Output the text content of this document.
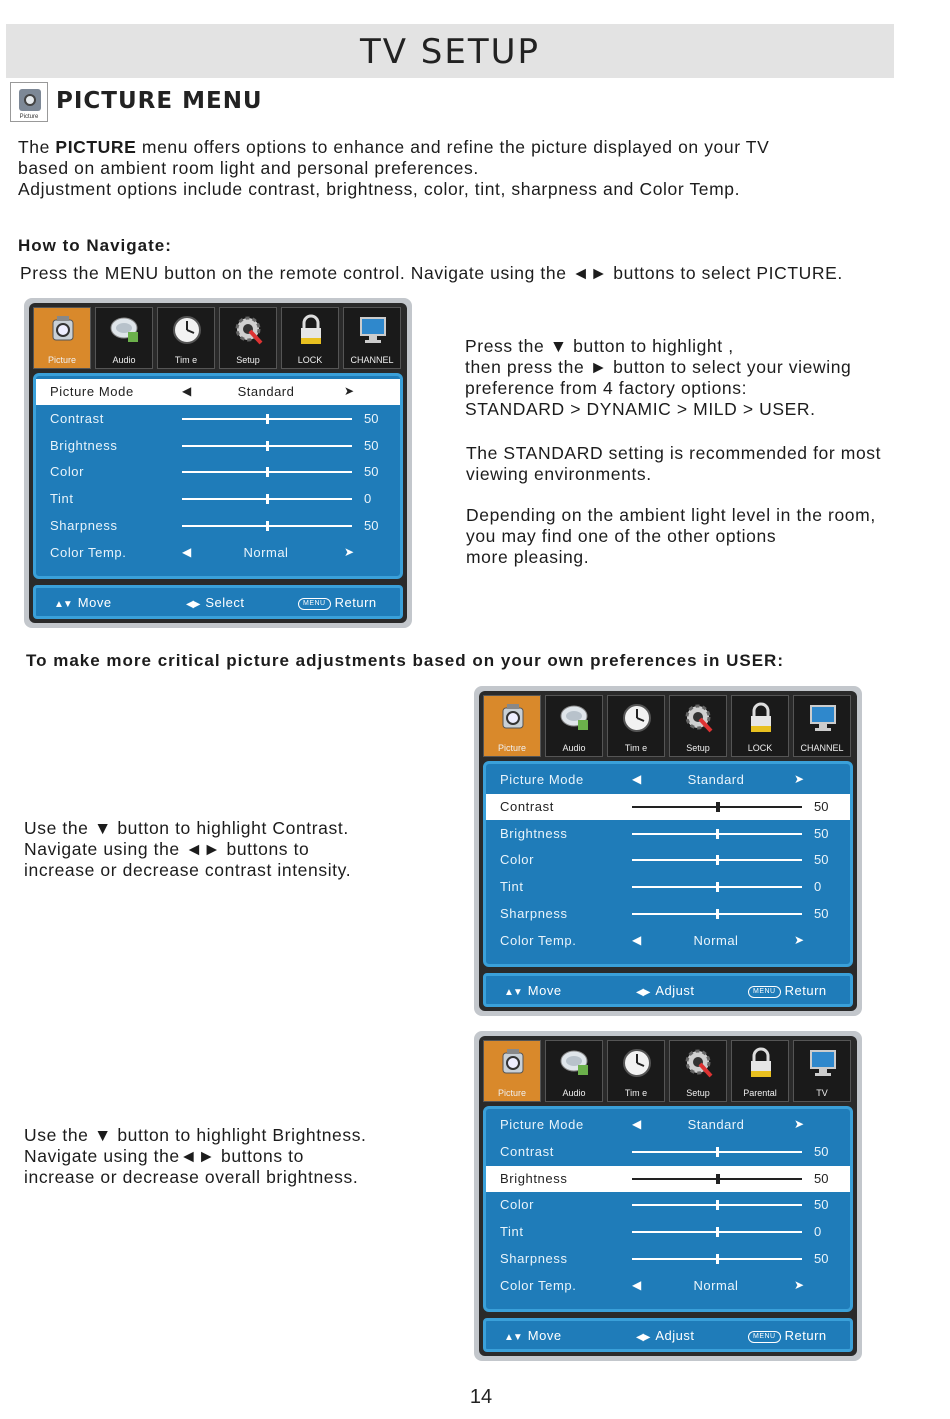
TV SETUP
Picture
PICTURE MENU
The PICTURE menu offers options to enhance and refine the picture displayed on your TV
based on ambient room light and personal preferences.
Adjustment options include contrast, brightness, color, tint, sharpness and Color Temp.
How to Navigate:
Press the MENU button on the remote control. Navigate using the ◄► buttons to select PICTURE.
Picture	Audio	Tim e	Setup	LOCK	CHANNEL
Picture Mode	◀	Standard	➤
Contrast	50
Brightness	50
Color	50
Tint	0
Sharpness	50
Color Temp.	◀	Normal	➤
▲▼ Move	◀▶ Select	MENU Return
Press the ▼ button to highlight ,
then press the ► button to select your viewing
preference from 4 factory options:
STANDARD > DYNAMIC > MILD > USER.
The STANDARD setting is recommended for most
viewing environments.
Depending on the ambient light level in the room,
you may find one of the other options
more pleasing.
To make more critical picture adjustments based on your own preferences in USER:
Picture	Audio	Tim e	Setup	LOCK	CHANNEL
Picture Mode	◀	Standard	➤
Contrast	50
Brightness	50
Color	50
Tint	0
Sharpness	50
Color Temp.	◀	Normal	➤
▲▼ Move	◀▶ Adjust	MENU Return
Use the ▼ button to highlight Contrast.
Navigate using the ◄► buttons to
increase or decrease contrast intensity.
Picture	Audio	Tim e	Setup	Parental	TV
Picture Mode	◀	Standard	➤
Contrast	50
Brightness	50
Color	50
Tint	0
Sharpness	50
Color Temp.	◀	Normal	➤
▲▼ Move	◀▶ Adjust	MENU Return
Use the ▼ button to highlight Brightness.
Navigate using the◄► buttons to
increase or decrease overall brightness.
14
